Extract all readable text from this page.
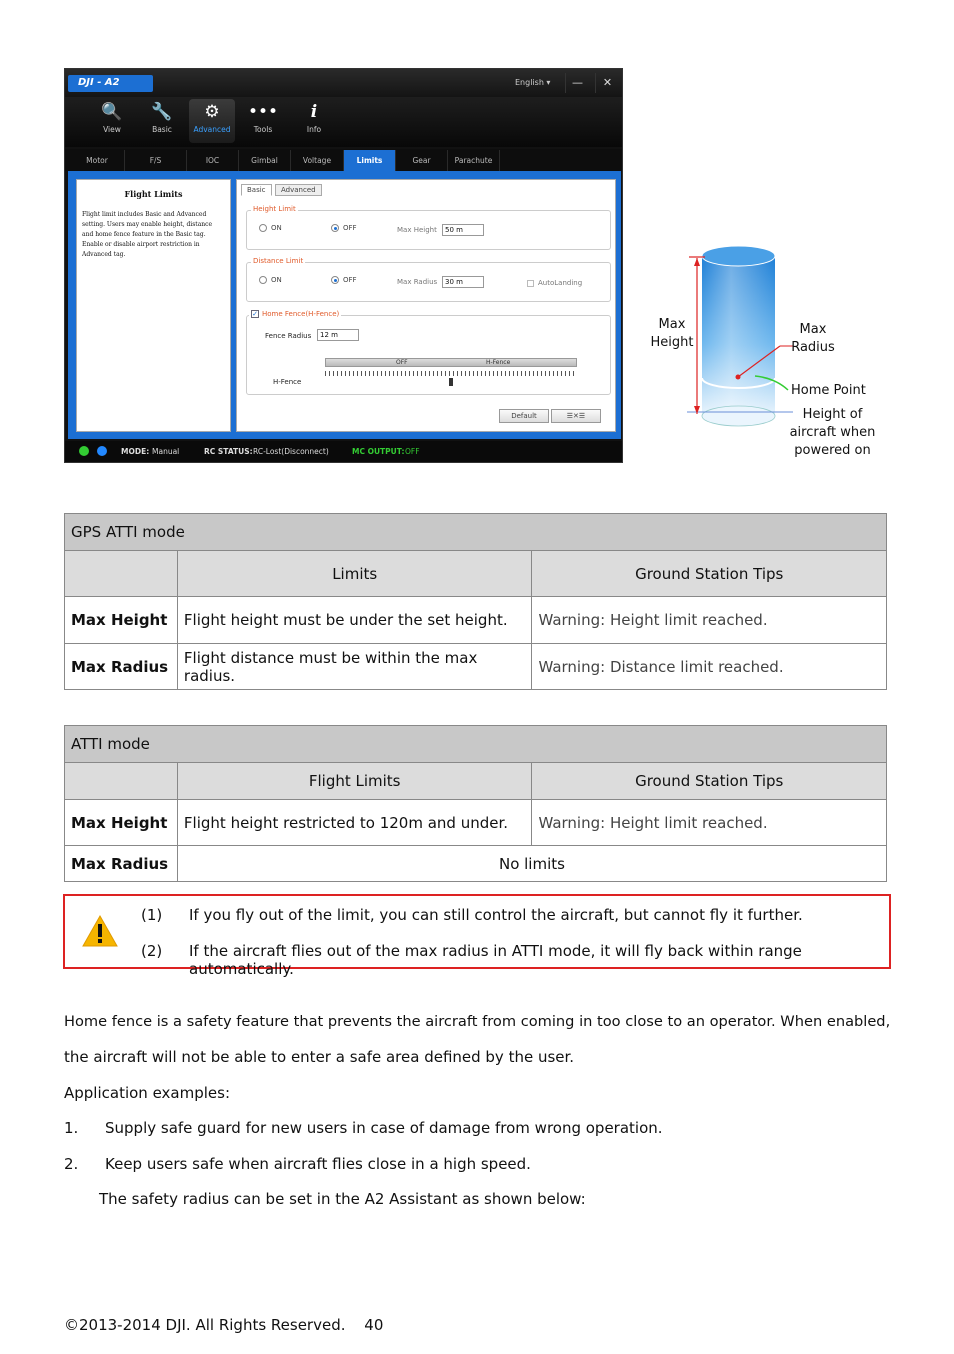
DJI - A2	English ▾	—	✕
🔍
View
🔧
Basic
⚙
Advanced
•••
Tools
i
Info
Motor	F/S	IOC	Gimbal	Voltage	Limits	Gear	Parachute
Flight Limits

Flight limit includes Basic and Advanced setting. Users may enable height, distance and home fence feature in the Basic tag. Enable or disable airport restriction in Advanced tag.

Basic	Advanced
Height Limit
ON	OFF	Max Height	50 m
Distance Limit
ON	OFF	Max Radius	30 m	AutoLanding
✓ Home Fence(H-Fence)
Fence Radius	12 m
OFF	H-Fence
H-Fence
Default	☰✕☰
MODE: Manual	RC STATUS: RC-Lost(Disconnect)	MC OUTPUT: OFF
Max
Height
Max
Radius
Home Point
Height of
aircraft when
powered on
GPS ATTI mode		
	Limits	Ground Station Tips
Max Height	Flight height must be under the set height.	Warning: Height limit reached.
Max Radius	Flight distance must be within the max radius.	Warning: Distance limit reached.
ATTI mode		
	Flight Limits	Ground Station Tips
Max Height	Flight height restricted to 120m and under.	Warning: Height limit reached.
Max Radius	No limits	
(1) If you fly out of the limit, you can still control the aircraft, but cannot fly it further.
(2) If the aircraft flies out of the max radius in ATTI mode, it will fly back within range automatically.
Home fence is a safety feature that prevents the aircraft from coming in too close to an operator. When enabled,
the aircraft will not be able to enter a safe area defined by the user.
Application examples:
1. Supply safe guard for new users in case of damage from wrong operation.
2. Keep users safe when aircraft flies close in a high speed.
The safety radius can be set in the A2 Assistant as shown below:
©2013-2014 DJI. All Rights Reserved. 40
